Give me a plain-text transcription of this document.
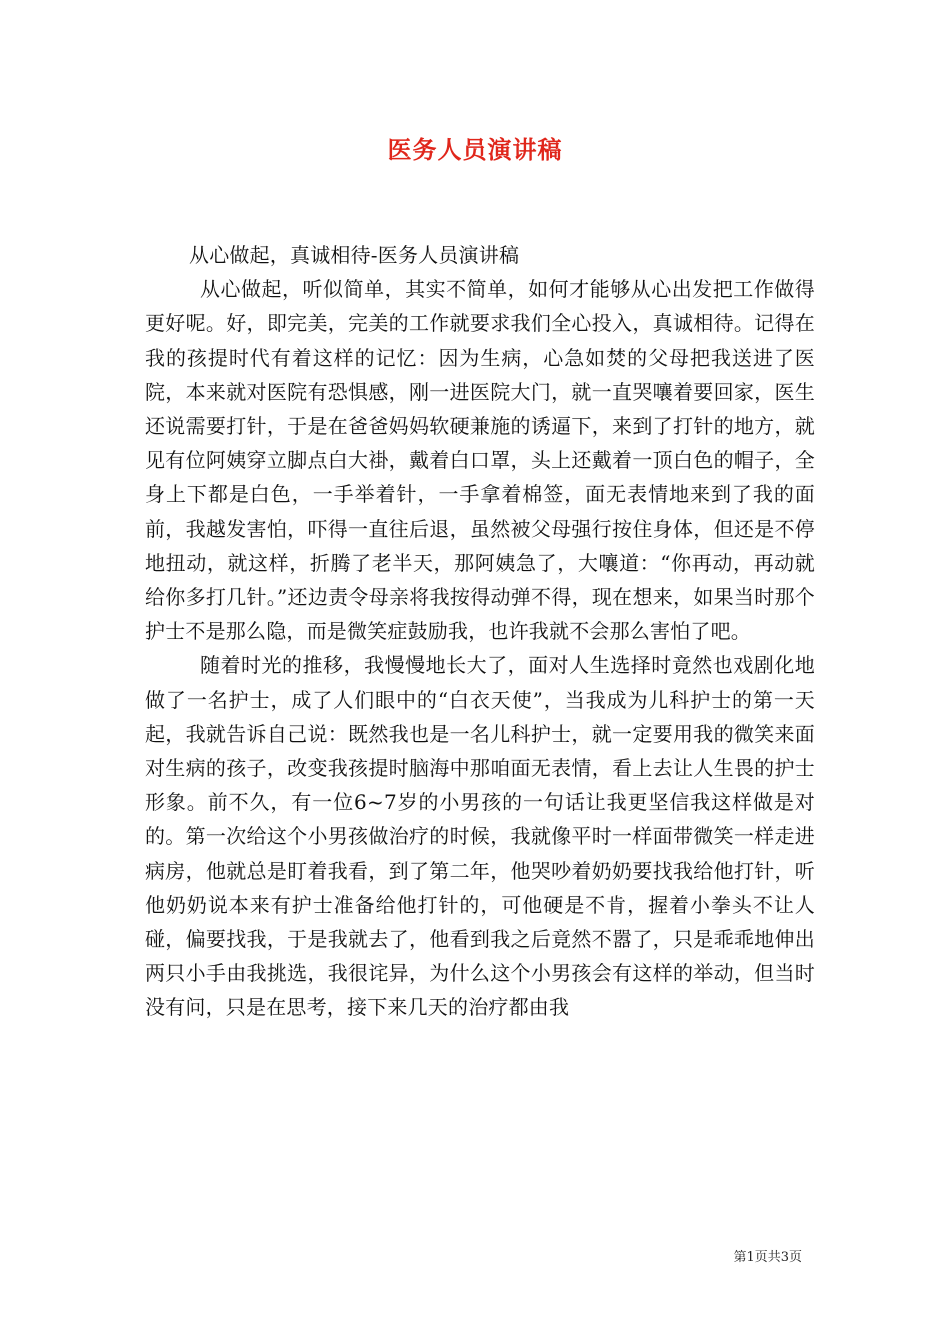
医务人员演讲稿

从心做起，真诚相待-医务人员演讲稿

从心做起，听似简单，其实不简单，如何才能够从心出发把工作做得更好呢。好，即完美，完美的工作就要求我们全心投入，真诚相待。记得在我的孩提时代有着这样的记忆：因为生病，心急如焚的父母把我送进了医院，本来就对医院有恐惧感，刚一进医院大门，就一直哭嚷着要回家，医生还说需要打针，于是在爸爸妈妈软硬兼施的诱逼下，来到了打针的地方，就见有位阿姨穿立脚点白大褂，戴着白口罩，头上还戴着一顶白色的帽子，全身上下都是白色，一手举着针，一手拿着棉签，面无表情地来到了我的面前，我越发害怕，吓得一直往后退，虽然被父母强行按住身体，但还是不停地扭动，就这样，折腾了老半天，那阿姨急了，大嚷道：“你再动，再动就给你多打几针。”还边责令母亲将我按得动弹不得，现在想来，如果当时那个护士不是那么隐，而是微笑症鼓励我，也许我就不会那么害怕了吧。

随着时光的推移，我慢慢地长大了，面对人生选择时竟然也戏剧化地做了一名护士，成了人们眼中的“白衣天使”，当我成为儿科护士的第一天起，我就告诉自己说：既然我也是一名儿科护士，就一定要用我的微笑来面对生病的孩子，改变我孩提时脑海中那咱面无表情，看上去让人生畏的护士形象。前不久，有一位6~7岁的小男孩的一句话让我更坚信我这样做是对的。第一次给这个小男孩做治疗的时候，我就像平时一样面带微笑一样走进病房，他就总是盯着我看，到了第二年，他哭吵着奶奶要找我给他打针，听他奶奶说本来有护士准备给他打针的，可他硬是不肯，握着小拳头不让人碰，偏要找我，于是我就去了，他看到我之后竟然不嚣了，只是乖乖地伸出两只小手由我挑选，我很诧异，为什么这个小男孩会有这样的举动，但当时没有问，只是在思考，接下来几天的治疗都由我

第1页共3页
